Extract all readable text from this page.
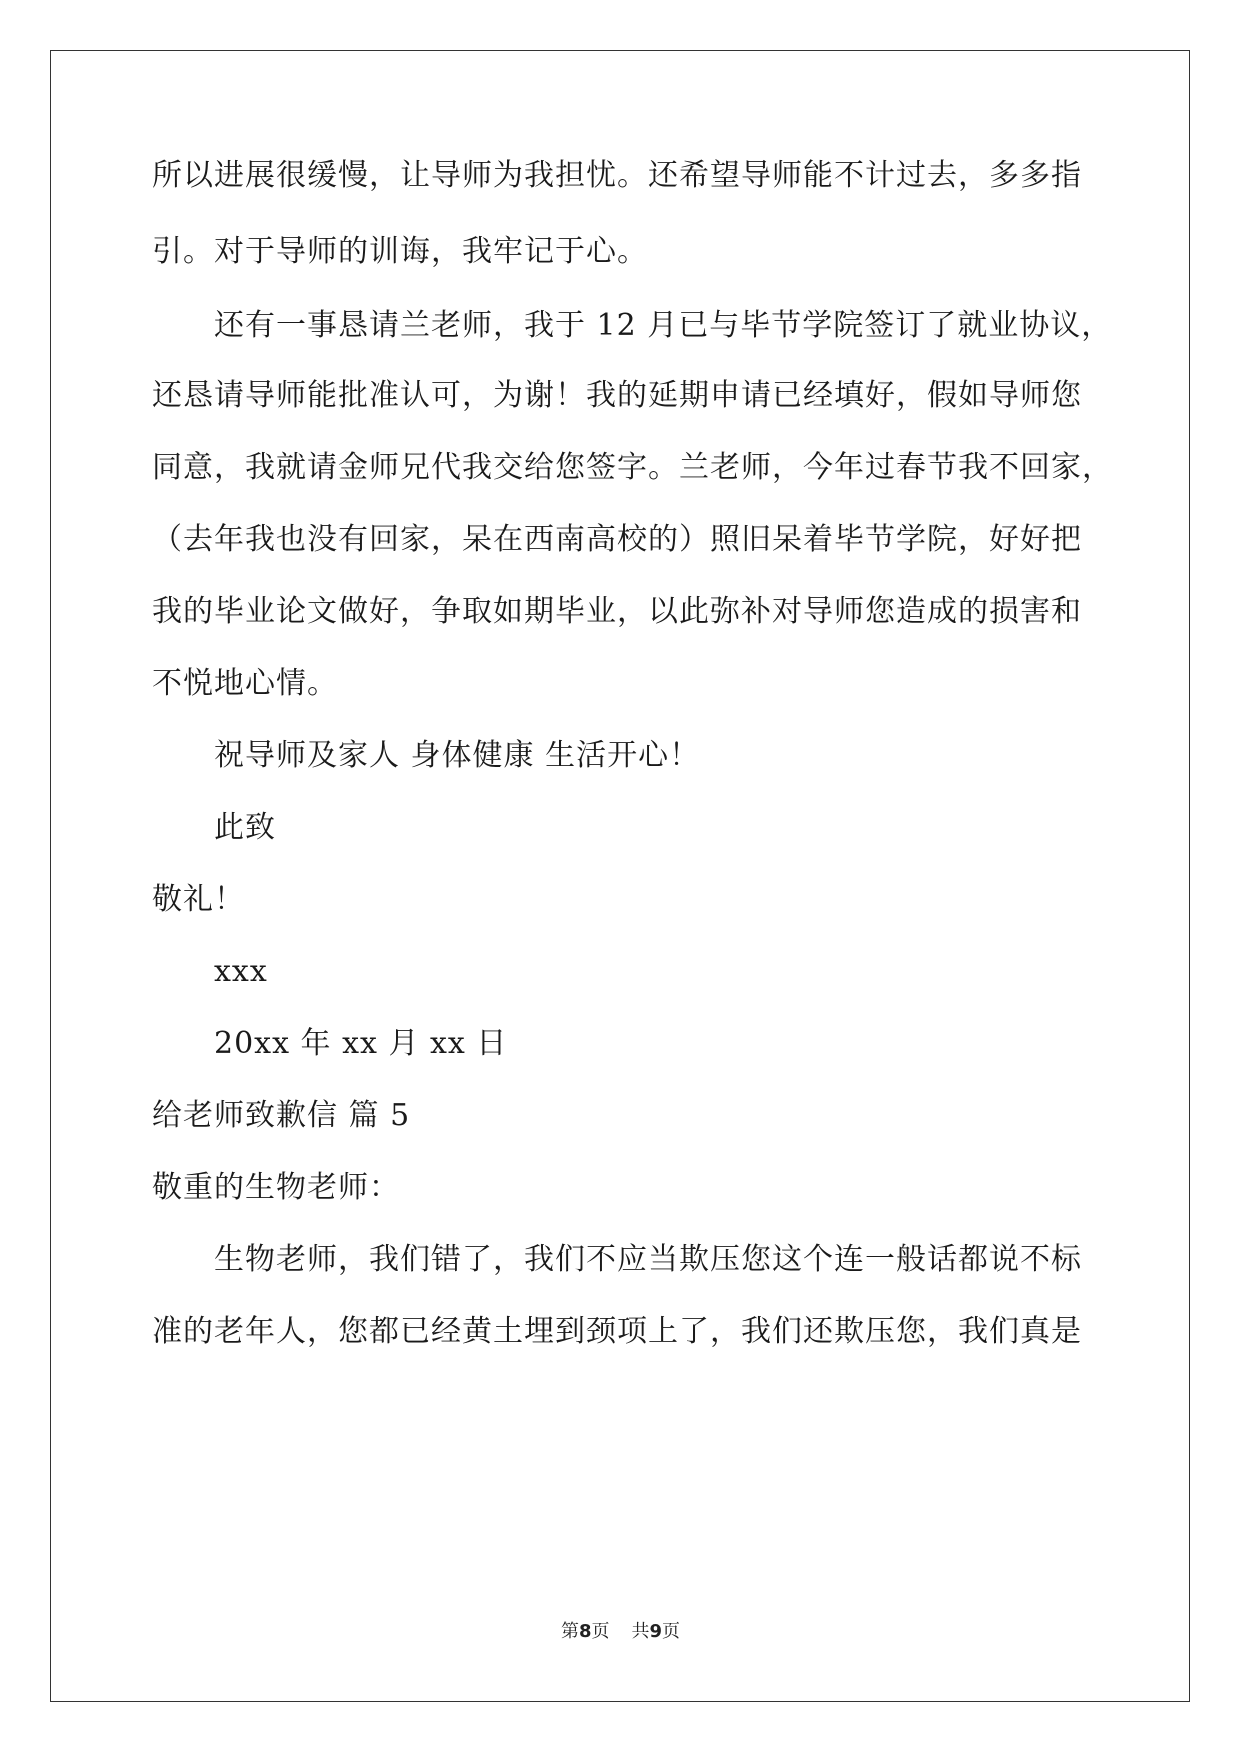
所以进展很缓慢，让导师为我担忧。还希望导师能不计过去，多多指
引。对于导师的训诲，我牢记于心。
还有一事恳请兰老师，我于 12 月已与毕节学院签订了就业协议，
还恳请导师能批准认可，为谢！我的延期申请已经填好，假如导师您
同意，我就请金师兄代我交给您签字。兰老师，今年过春节我不回家，
（去年我也没有回家，呆在西南高校的）照旧呆着毕节学院，好好把
我的毕业论文做好，争取如期毕业，以此弥补对导师您造成的损害和
不悦地心情。
祝导师及家人 身体健康 生活开心！
此致
敬礼！
xxx
20xx 年 xx 月 xx 日
给老师致歉信 篇 5
敬重的生物老师：
生物老师，我们错了，我们不应当欺压您这个连一般话都说不标
准的老年人，您都已经黄土埋到颈项上了，我们还欺压您，我们真是
第8页 共9页
